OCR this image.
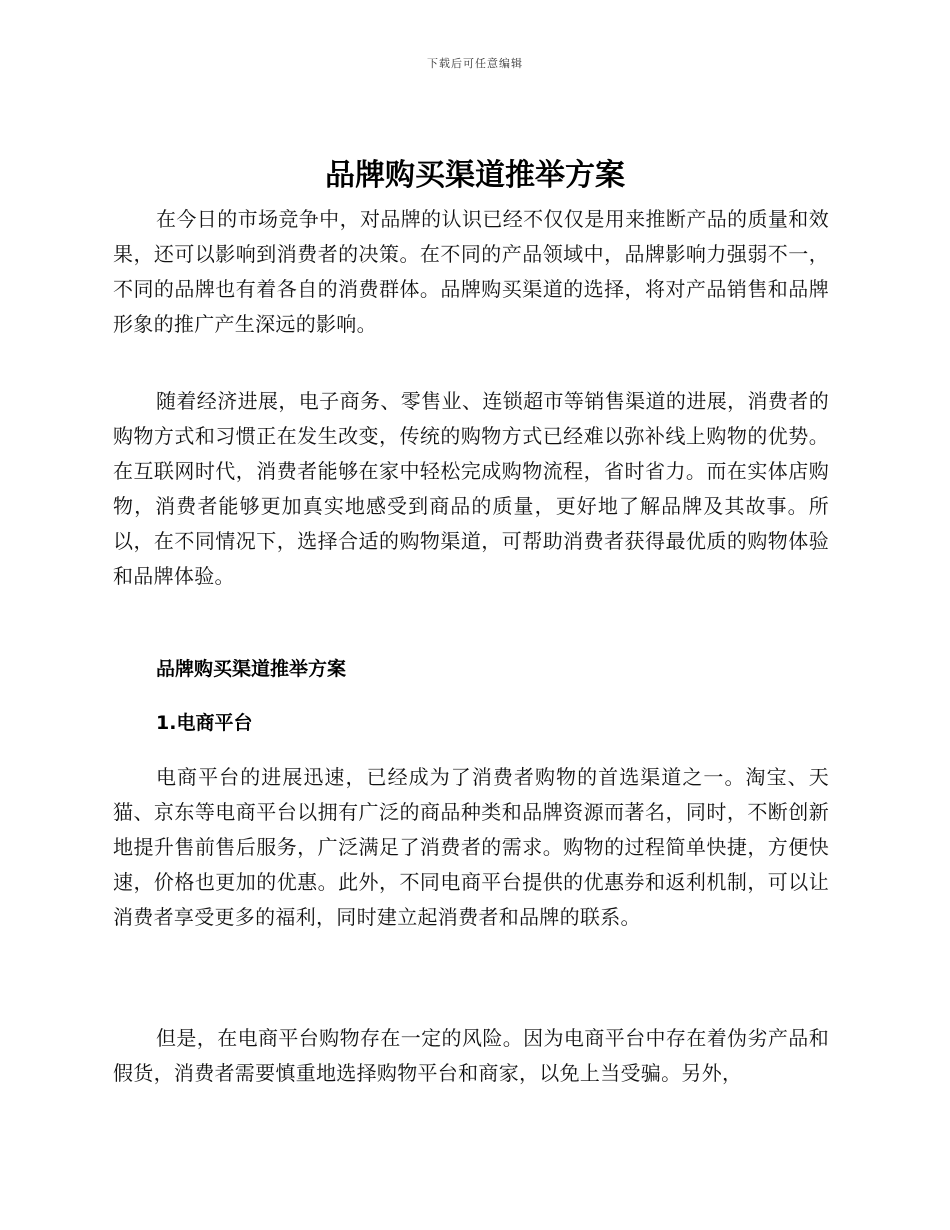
下载后可任意编辑
品牌购买渠道推举方案

在今日的市场竞争中，对品牌的认识已经不仅仅是用来推断产品的质量和效果，还可以影响到消费者的决策。在不同的产品领域中，品牌影响力强弱不一，不同的品牌也有着各自的消费群体。品牌购买渠道的选择，将对产品销售和品牌形象的推广产生深远的影响。

随着经济进展，电子商务、零售业、连锁超市等销售渠道的进展，消费者的购物方式和习惯正在发生改变，传统的购物方式已经难以弥补线上购物的优势。在互联网时代，消费者能够在家中轻松完成购物流程，省时省力。而在实体店购物，消费者能够更加真实地感受到商品的质量，更好地了解品牌及其故事。所以，在不同情况下，选择合适的购物渠道，可帮助消费者获得最优质的购物体验和品牌体验。

品牌购买渠道推举方案
1.电商平台

电商平台的进展迅速，已经成为了消费者购物的首选渠道之一。淘宝、天猫、京东等电商平台以拥有广泛的商品种类和品牌资源而著名，同时，不断创新地提升售前售后服务，广泛满足了消费者的需求。购物的过程简单快捷，方便快速，价格也更加的优惠。此外，不同电商平台提供的优惠券和返利机制，可以让消费者享受更多的福利，同时建立起消费者和品牌的联系。

但是，在电商平台购物存在一定的风险。因为电商平台中存在着伪劣产品和假货，消费者需要慎重地选择购物平台和商家，以免上当受骗。另外，
